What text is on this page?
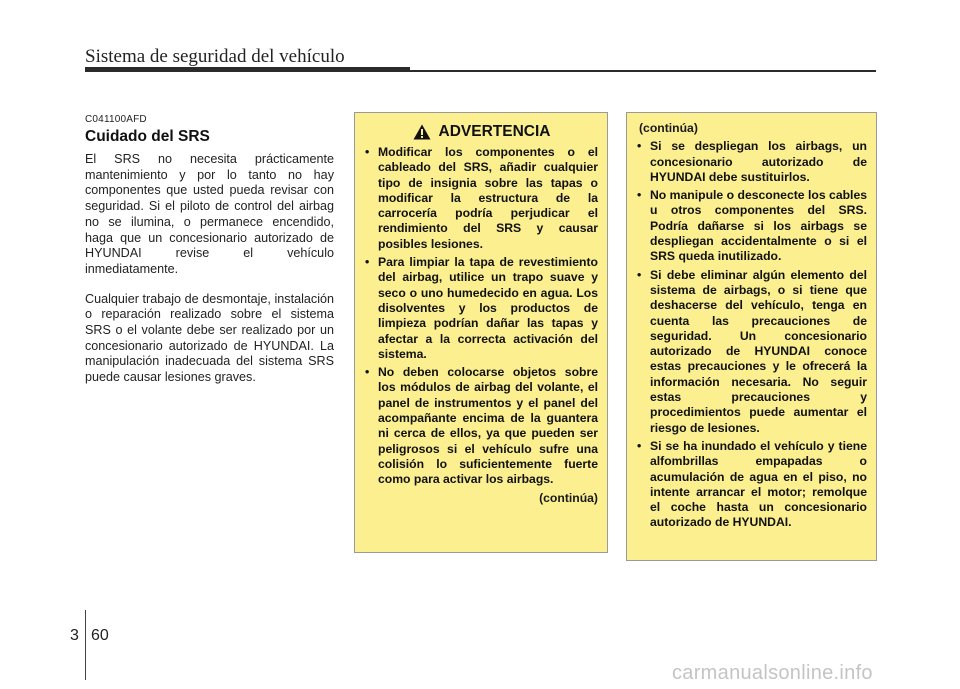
Sistema de seguridad del vehículo
C041100AFD
Cuidado del SRS

El SRS no necesita prácticamente mantenimiento y por lo tanto no hay componentes que usted pueda revisar con seguridad. Si el piloto de control del airbag no se ilumina, o permanece encendido, haga que un concesionario autorizado de HYUNDAI revise el vehículo inmediatamente.

Cualquier trabajo de desmontaje, instalación o reparación realizado sobre el sistema SRS o el volante debe ser realizado por un concesionario autorizado de HYUNDAI. La manipulación inadecuada del sistema SRS puede causar lesiones graves.

ADVERTENCIA
• Modificar los componentes o el cableado del SRS, añadir cualquier tipo de insignia sobre las tapas o modificar la estructura de la carrocería podría perjudicar el rendimiento del SRS y causar posibles lesiones.
• Para limpiar la tapa de revestimiento del airbag, utilice un trapo suave y seco o uno humedecido en agua. Los disolventes y los productos de limpieza podrían dañar las tapas y afectar a la correcta activación del sistema.
• No deben colocarse objetos sobre los módulos de airbag del volante, el panel de instrumentos y el panel del acompañante encima de la guantera ni cerca de ellos, ya que pueden ser peligrosos si el vehículo sufre una colisión lo suficientemente fuerte como para activar los airbags.
(continúa)
(continúa)
• Si se despliegan los airbags, un concesionario autorizado de HYUNDAI debe sustituirlos.
• No manipule o desconecte los cables u otros componentes del SRS. Podría dañarse si los airbags se despliegan accidentalmente o si el SRS queda inutilizado.
• Si debe eliminar algún elemento del sistema de airbags, o si tiene que deshacerse del vehículo, tenga en cuenta las precauciones de seguridad. Un concesionario autorizado de HYUNDAI conoce estas precauciones y le ofrecerá la información necesaria. No seguir estas precauciones y procedimientos puede aumentar el riesgo de lesiones.
• Si se ha inundado el vehículo y tiene alfombrillas empapadas o acumulación de agua en el piso, no intente arrancar el motor; remolque el coche hasta un concesionario autorizado de HYUNDAI.
3 60
carmanualsonline.info
